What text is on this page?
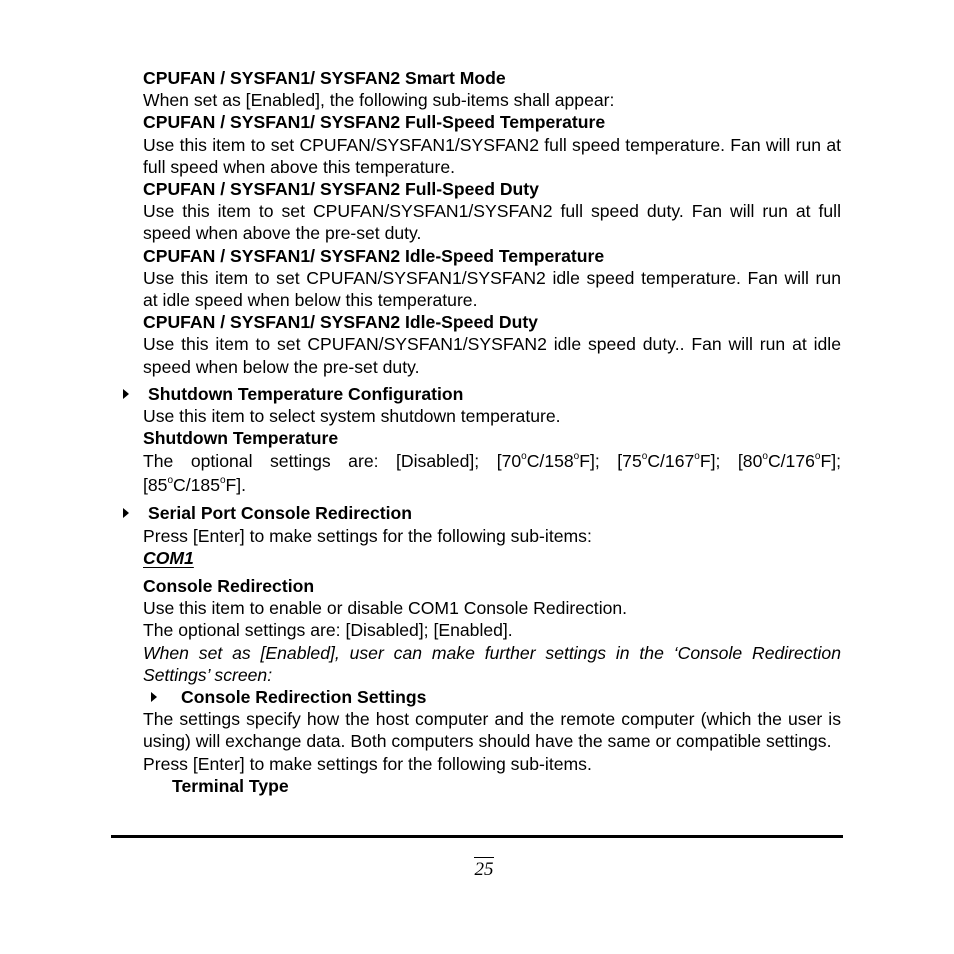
CPUFAN / SYSFAN1/ SYSFAN2 Smart Mode
When set as [Enabled], the following sub-items shall appear:
CPUFAN / SYSFAN1/ SYSFAN2 Full-Speed Temperature
Use this item to set CPUFAN/SYSFAN1/SYSFAN2 full speed temperature. Fan will run at full speed when above this temperature.
CPUFAN / SYSFAN1/ SYSFAN2 Full-Speed Duty
Use this item to set CPUFAN/SYSFAN1/SYSFAN2 full speed duty. Fan will run at full speed when above the pre-set duty.
CPUFAN / SYSFAN1/ SYSFAN2 Idle-Speed Temperature
Use this item to set CPUFAN/SYSFAN1/SYSFAN2 idle speed temperature. Fan will run at idle speed when below this temperature.
CPUFAN / SYSFAN1/ SYSFAN2 Idle-Speed Duty
Use this item to set CPUFAN/SYSFAN1/SYSFAN2 idle speed duty.. Fan will run at idle speed when below the pre-set duty.
Shutdown Temperature Configuration
Use this item to select system shutdown temperature.
Shutdown Temperature
The optional settings are: [Disabled]; [70$^o$C/158$^o$F]; [75$^o$C/167$^o$F]; [80$^o$C/176$^o$F]; [85$^o$C/185$^o$F].
Serial Port Console Redirection
Press [Enter] to make settings for the following sub-items:
COM1
Console Redirection
Use this item to enable or disable COM1 Console Redirection.
The optional settings are: [Disabled]; [Enabled].
When set as [Enabled], user can make further settings in the ‘Console Redirection Settings’ screen:
Console Redirection Settings
The settings specify how the host computer and the remote computer (which the user is using) will exchange data. Both computers should have the same or compatible settings.
Press [Enter] to make settings for the following sub-items.
Terminal Type
25
